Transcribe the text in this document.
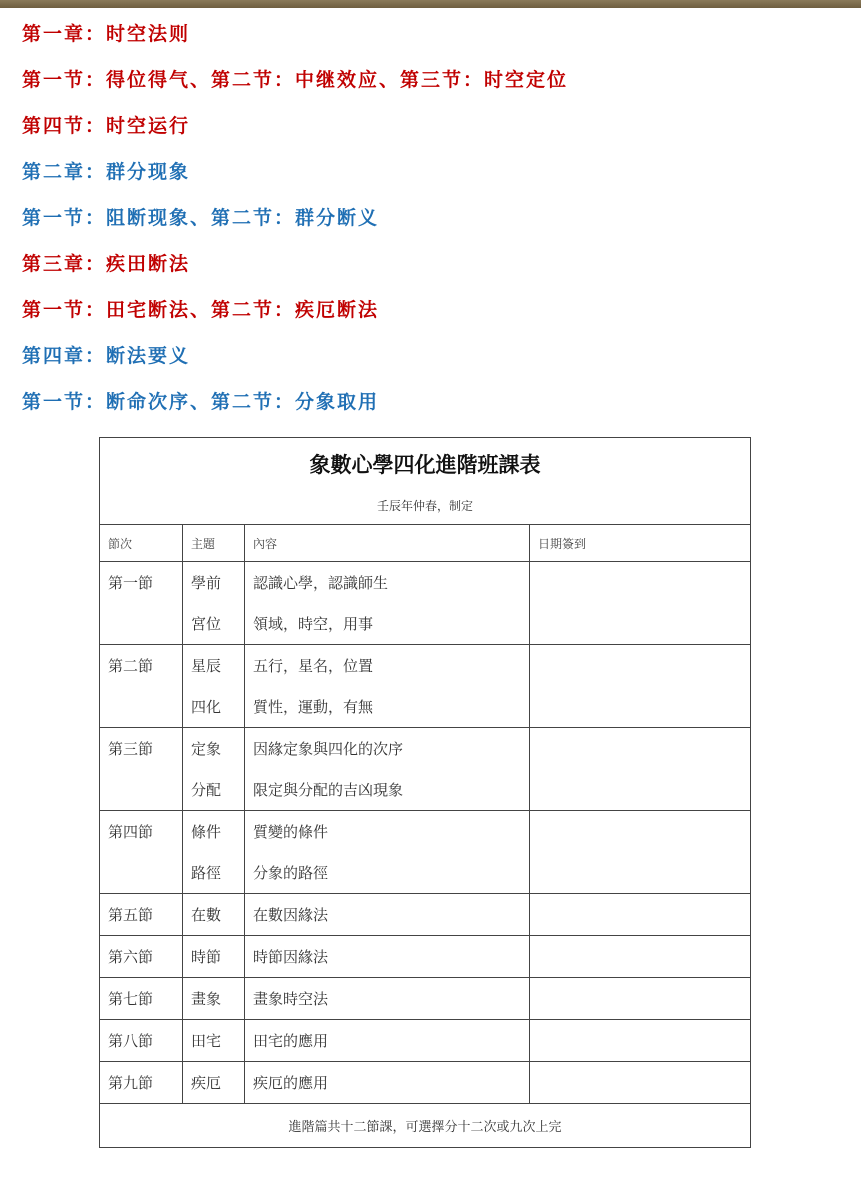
第一章：时空法则
第一节：得位得气、第二节：中继效应、第三节：时空定位
第四节：时空运行
第二章：群分现象
第一节：阻断现象、第二节：群分断义
第三章：疾田断法
第一节：田宅断法、第二节：疾厄断法
第四章：断法要义
第一节：断命次序、第二节：分象取用
象數心學四化進階班課表			
壬辰年仲春，制定			
節次	主題	內容	日期簽到
第一節	學前	認識心學，認識師生	
	宮位	領域，時空，用事	
第二節	星辰	五行，星名，位置	
	四化	質性，運動，有無	
第三節	定象	因緣定象與四化的次序	
	分配	限定與分配的吉凶現象	
第四節	條件	質變的條件	
	路徑	分象的路徑	
第五節	在數	在數因緣法	
第六節	時節	時節因緣法	
第七節	畫象	畫象時空法	
第八節	田宅	田宅的應用	
第九節	疾厄	疾厄的應用	
進階篇共十二節課，可選擇分十二次或九次上完			
